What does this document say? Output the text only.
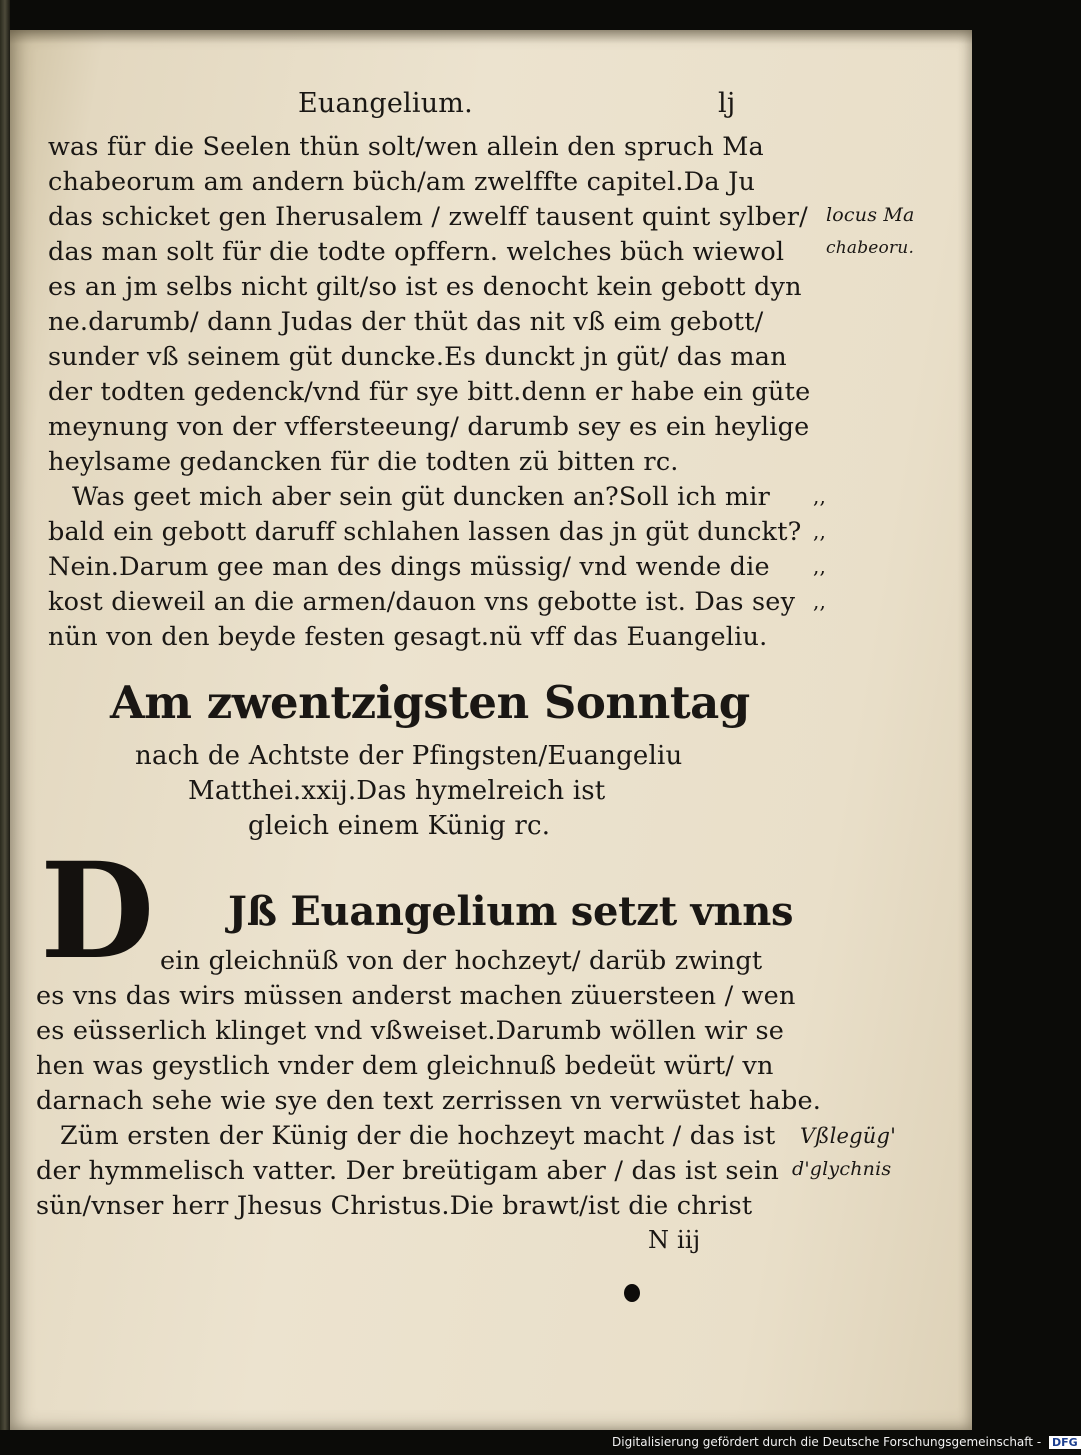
Euangelium.	lj
was für die Seelen thün solt/wen allein den spruch Ma
chabeorum am andern büch/am zwelffte capitel.Da Ju
das schicket gen Iherusalem / zwelff tausent quint sylber/
das man solt für die todte opffern. welches büch wiewol
es an jm selbs nicht gilt/so ist es denocht kein gebott dyn
ne.darumb/ dann Judas der thüt das nit vß eim gebott/
sunder vß seinem güt duncke.Es dunckt jn güt/ das man
der todten gedenck/vnd für sye bitt.denn er habe ein güte
meynung von der vfferstееung/ darumb sey es ein heylige
heylsame gedancken für die todten zü bitten rc.
Was geet mich aber sein güt duncken an?Soll ich mir
bald ein gebott daruff schlahen lassen das jn güt dunckt?
Nein.Darum gee man des dings müssig/ vnd wende die
kost dieweil an die armen/dauon vns gebotte ist. Das sey
nün von den beyde festen gesagt.nü vff das Euangeliu.
locus Ma
chabeoru.
,,
,,
,,
,,
Am zwentzigsten Sonntag
nach de Achtste der Pfingsten/Euangeliu
Matthei.xxij.Das hymelreich ist
gleich einem Künig rc.
D Jß Euangelium setzt vnns
ein gleichnüß von der hochzeyt/ darüb zwingt
es vns das wirs müssen anderst machen züuersteen / wen
es eüsserlich klinget vnd vßweiset.Darumb wöllen wir se
hen was geystlich vnder dem gleichnuß bedeüt würt/ vn
darnach sehe wie sye den text zerrissen vn verwüstet habe.
Züm ersten der Künig der die hochzeyt macht / das ist
der hymmelisch vatter. Der breütigam aber / das ist sein
sün/vnser herr Jhesus Christus.Die brawt/ist die christ
N iij
Vßlegüg'
d'glychnis
Digitalisierung gefördert durch die Deutsche Forschungsgemeinschaft - DFG
